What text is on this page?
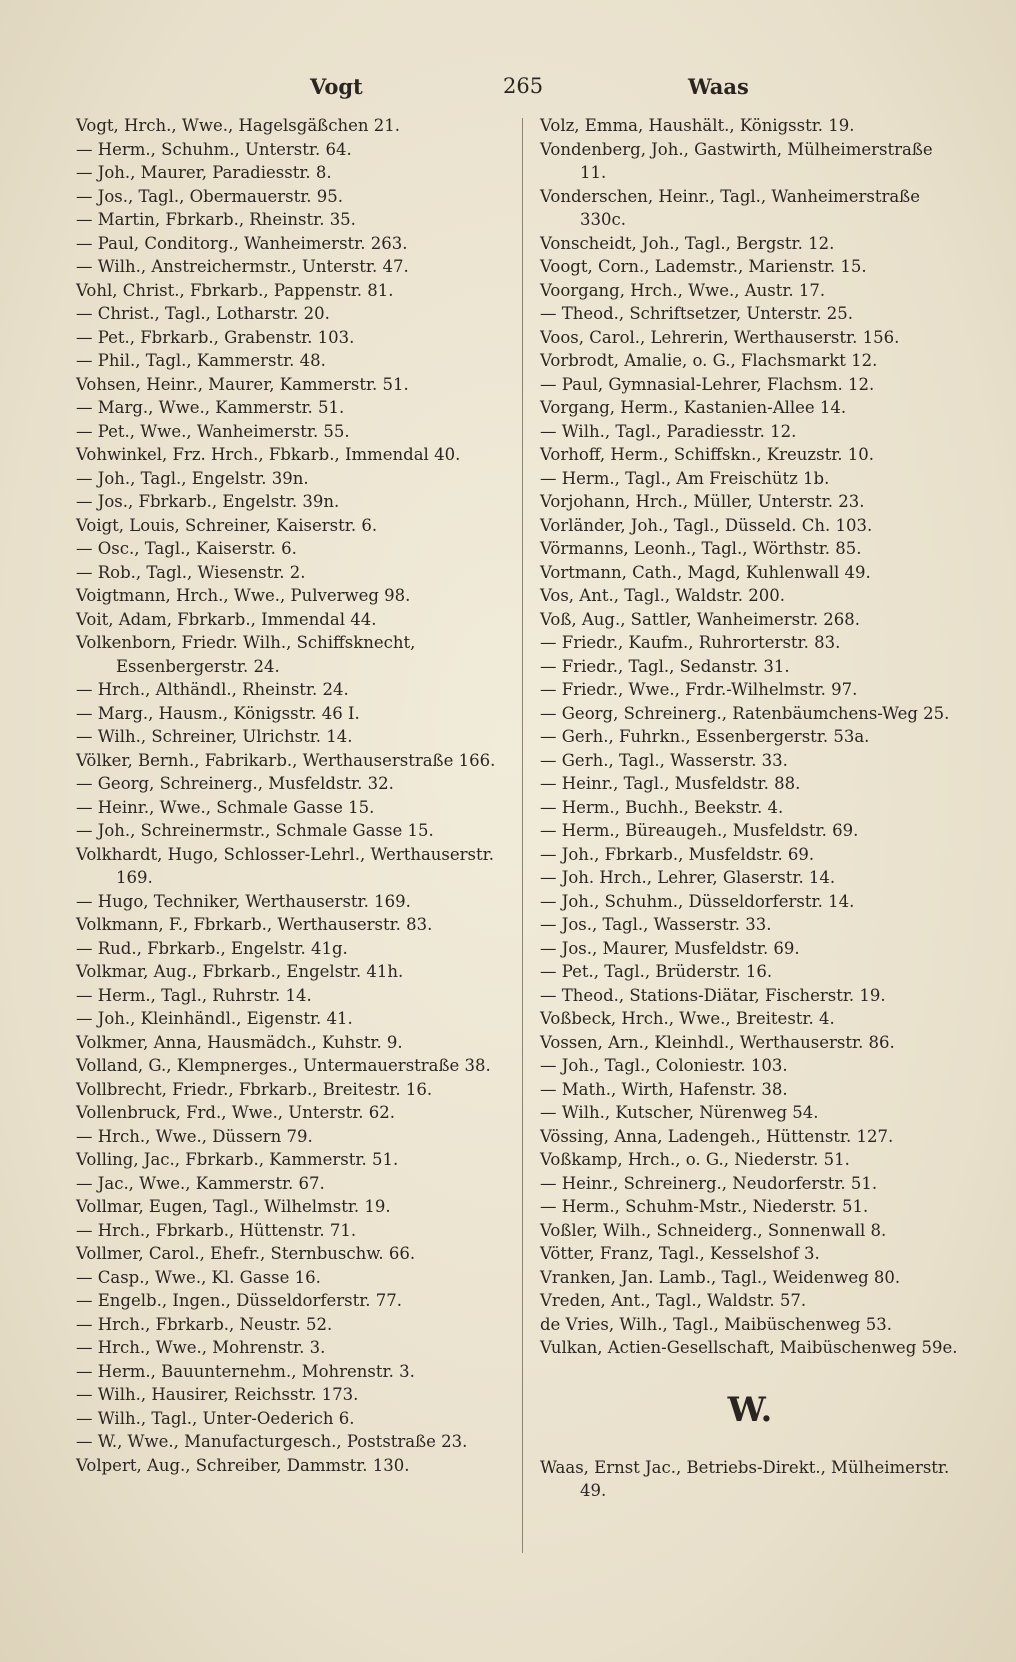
Vogt	265	Waas
Vogt, Hrch., Wwe., Hagelsgäßchen 21.
— Herm., Schuhm., Unterstr. 64.
— Joh., Maurer, Paradiesstr. 8.
— Jos., Tagl., Obermauerstr. 95.
— Martin, Fbrkarb., Rheinstr. 35.
— Paul, Conditorg., Wanheimerstr. 263.
— Wilh., Anstreichermstr., Unterstr. 47.
Vohl, Christ., Fbrkarb., Pappenstr. 81.
— Christ., Tagl., Lotharstr. 20.
— Pet., Fbrkarb., Grabenstr. 103.
— Phil., Tagl., Kammerstr. 48.
Vohsen, Heinr., Maurer, Kammerstr. 51.
— Marg., Wwe., Kammerstr. 51.
— Pet., Wwe., Wanheimerstr. 55.
Vohwinkel, Frz. Hrch., Fbkarb., Immendal 40.
— Joh., Tagl., Engelstr. 39n.
— Jos., Fbrkarb., Engelstr. 39n.
Voigt, Louis, Schreiner, Kaiserstr. 6.
— Osc., Tagl., Kaiserstr. 6.
— Rob., Tagl., Wiesenstr. 2.
Voigtmann, Hrch., Wwe., Pulverweg 98.
Voit, Adam, Fbrkarb., Immendal 44.
Volkenborn, Friedr. Wilh., Schiffsknecht, Essenbergerstr. 24.
— Hrch., Althändl., Rheinstr. 24.
— Marg., Hausm., Königsstr. 46 I.
— Wilh., Schreiner, Ulrichstr. 14.
Völker, Bernh., Fabrikarb., Werthauserstraße 166.
— Georg, Schreinerg., Musfeldstr. 32.
— Heinr., Wwe., Schmale Gasse 15.
— Joh., Schreinermstr., Schmale Gasse 15.
Volkhardt, Hugo, Schlosser-Lehrl., Werthauserstr. 169.
— Hugo, Techniker, Werthauserstr. 169.
Volkmann, F., Fbrkarb., Werthauserstr. 83.
— Rud., Fbrkarb., Engelstr. 41g.
Volkmar, Aug., Fbrkarb., Engelstr. 41h.
— Herm., Tagl., Ruhrstr. 14.
— Joh., Kleinhändl., Eigenstr. 41.
Volkmer, Anna, Hausmädch., Kuhstr. 9.
Volland, G., Klempnerges., Untermauerstraße 38.
Vollbrecht, Friedr., Fbrkarb., Breitestr. 16.
Vollenbruck, Frd., Wwe., Unterstr. 62.
— Hrch., Wwe., Düssern 79.
Volling, Jac., Fbrkarb., Kammerstr. 51.
— Jac., Wwe., Kammerstr. 67.
Vollmar, Eugen, Tagl., Wilhelmstr. 19.
— Hrch., Fbrkarb., Hüttenstr. 71.
Vollmer, Carol., Ehefr., Sternbuschw. 66.
— Casp., Wwe., Kl. Gasse 16.
— Engelb., Ingen., Düsseldorferstr. 77.
— Hrch., Fbrkarb., Neustr. 52.
— Hrch., Wwe., Mohrenstr. 3.
— Herm., Bauunternehm., Mohrenstr. 3.
— Wilh., Hausirer, Reichsstr. 173.
— Wilh., Tagl., Unter-Oederich 6.
— W., Wwe., Manufacturgesch., Poststraße 23.
Volpert, Aug., Schreiber, Dammstr. 130.
Volz, Emma, Haushält., Königsstr. 19.
Vondenberg, Joh., Gastwirth, Mülheimerstraße 11.
Vonderschen, Heinr., Tagl., Wanheimerstraße 330c.
Vonscheidt, Joh., Tagl., Bergstr. 12.
Voogt, Corn., Lademstr., Marienstr. 15.
Voorgang, Hrch., Wwe., Austr. 17.
— Theod., Schriftsetzer, Unterstr. 25.
Voos, Carol., Lehrerin, Werthauserstr. 156.
Vorbrodt, Amalie, o. G., Flachsmarkt 12.
— Paul, Gymnasial-Lehrer, Flachsm. 12.
Vorgang, Herm., Kastanien-Allee 14.
— Wilh., Tagl., Paradiesstr. 12.
Vorhoff, Herm., Schiffskn., Kreuzstr. 10.
— Herm., Tagl., Am Freischütz 1b.
Vorjohann, Hrch., Müller, Unterstr. 23.
Vorländer, Joh., Tagl., Düsseld. Ch. 103.
Vörmanns, Leonh., Tagl., Wörthstr. 85.
Vortmann, Cath., Magd, Kuhlenwall 49.
Vos, Ant., Tagl., Waldstr. 200.
Voß, Aug., Sattler, Wanheimerstr. 268.
— Friedr., Kaufm., Ruhrorterstr. 83.
— Friedr., Tagl., Sedanstr. 31.
— Friedr., Wwe., Frdr.-Wilhelmstr. 97.
— Georg, Schreinerg., Ratenbäumchens-Weg 25.
— Gerh., Fuhrkn., Essenbergerstr. 53a.
— Gerh., Tagl., Wasserstr. 33.
— Heinr., Tagl., Musfeldstr. 88.
— Herm., Buchh., Beekstr. 4.
— Herm., Büreaugeh., Musfeldstr. 69.
— Joh., Fbrkarb., Musfeldstr. 69.
— Joh. Hrch., Lehrer, Glaserstr. 14.
— Joh., Schuhm., Düsseldorferstr. 14.
— Jos., Tagl., Wasserstr. 33.
— Jos., Maurer, Musfeldstr. 69.
— Pet., Tagl., Brüderstr. 16.
— Theod., Stations-Diätar, Fischerstr. 19.
Voßbeck, Hrch., Wwe., Breitestr. 4.
Vossen, Arn., Kleinhdl., Werthauserstr. 86.
— Joh., Tagl., Coloniestr. 103.
— Math., Wirth, Hafenstr. 38.
— Wilh., Kutscher, Nürenweg 54.
Vössing, Anna, Ladengeh., Hüttenstr. 127.
Voßkamp, Hrch., o. G., Niederstr. 51.
— Heinr., Schreinerg., Neudorferstr. 51.
— Herm., Schuhm-Mstr., Niederstr. 51.
Voßler, Wilh., Schneiderg., Sonnenwall 8.
Vötter, Franz, Tagl., Kesselshof 3.
Vranken, Jan. Lamb., Tagl., Weidenweg 80.
Vreden, Ant., Tagl., Waldstr. 57.
de Vries, Wilh., Tagl., Maibüschenweg 53.
Vulkan, Actien-Gesellschaft, Maibüschenweg 59e.
W.
Waas, Ernst Jac., Betriebs-Direkt., Mülheimerstr. 49.
